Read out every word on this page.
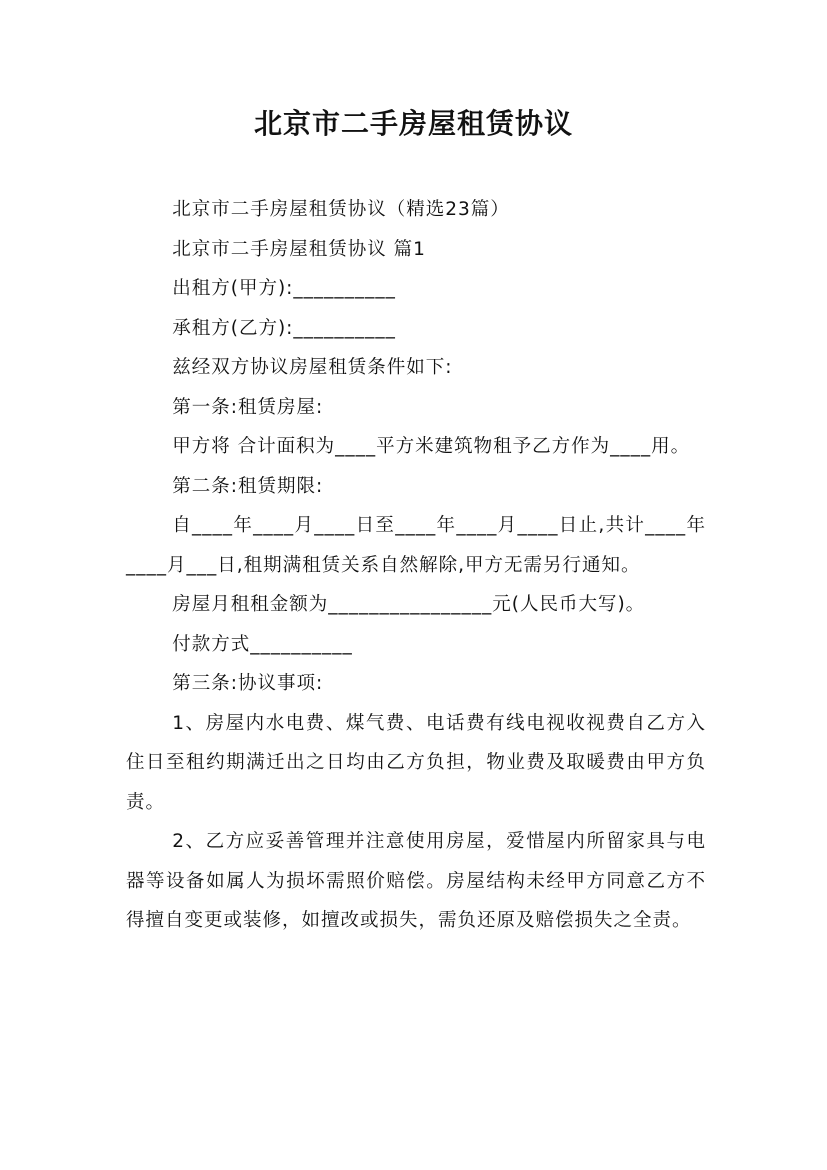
北京市二手房屋租赁协议

北京市二手房屋租赁协议（精选23篇）

北京市二手房屋租赁协议 篇1

出租方(甲方):__________

承租方(乙方):__________

兹经双方协议房屋租赁条件如下:

第一条:租赁房屋:

甲方将 合计面积为____平方米建筑物租予乙方作为____用。

第二条:租赁期限:

自____年____月____日至____年____月____日止,共计____年____月___日,租期满租赁关系自然解除,甲方无需另行通知。

房屋月租租金额为________________元(人民币大写)。

付款方式__________

第三条:协议事项:

1、房屋内水电费、煤气费、电话费有线电视收视费自乙方入住日至租约期满迁出之日均由乙方负担，物业费及取暖费由甲方负责。

2、乙方应妥善管理并注意使用房屋，爱惜屋内所留家具与电器等设备如属人为损坏需照价赔偿。房屋结构未经甲方同意乙方不得擅自变更或装修，如擅改或损失，需负还原及赔偿损失之全责。
